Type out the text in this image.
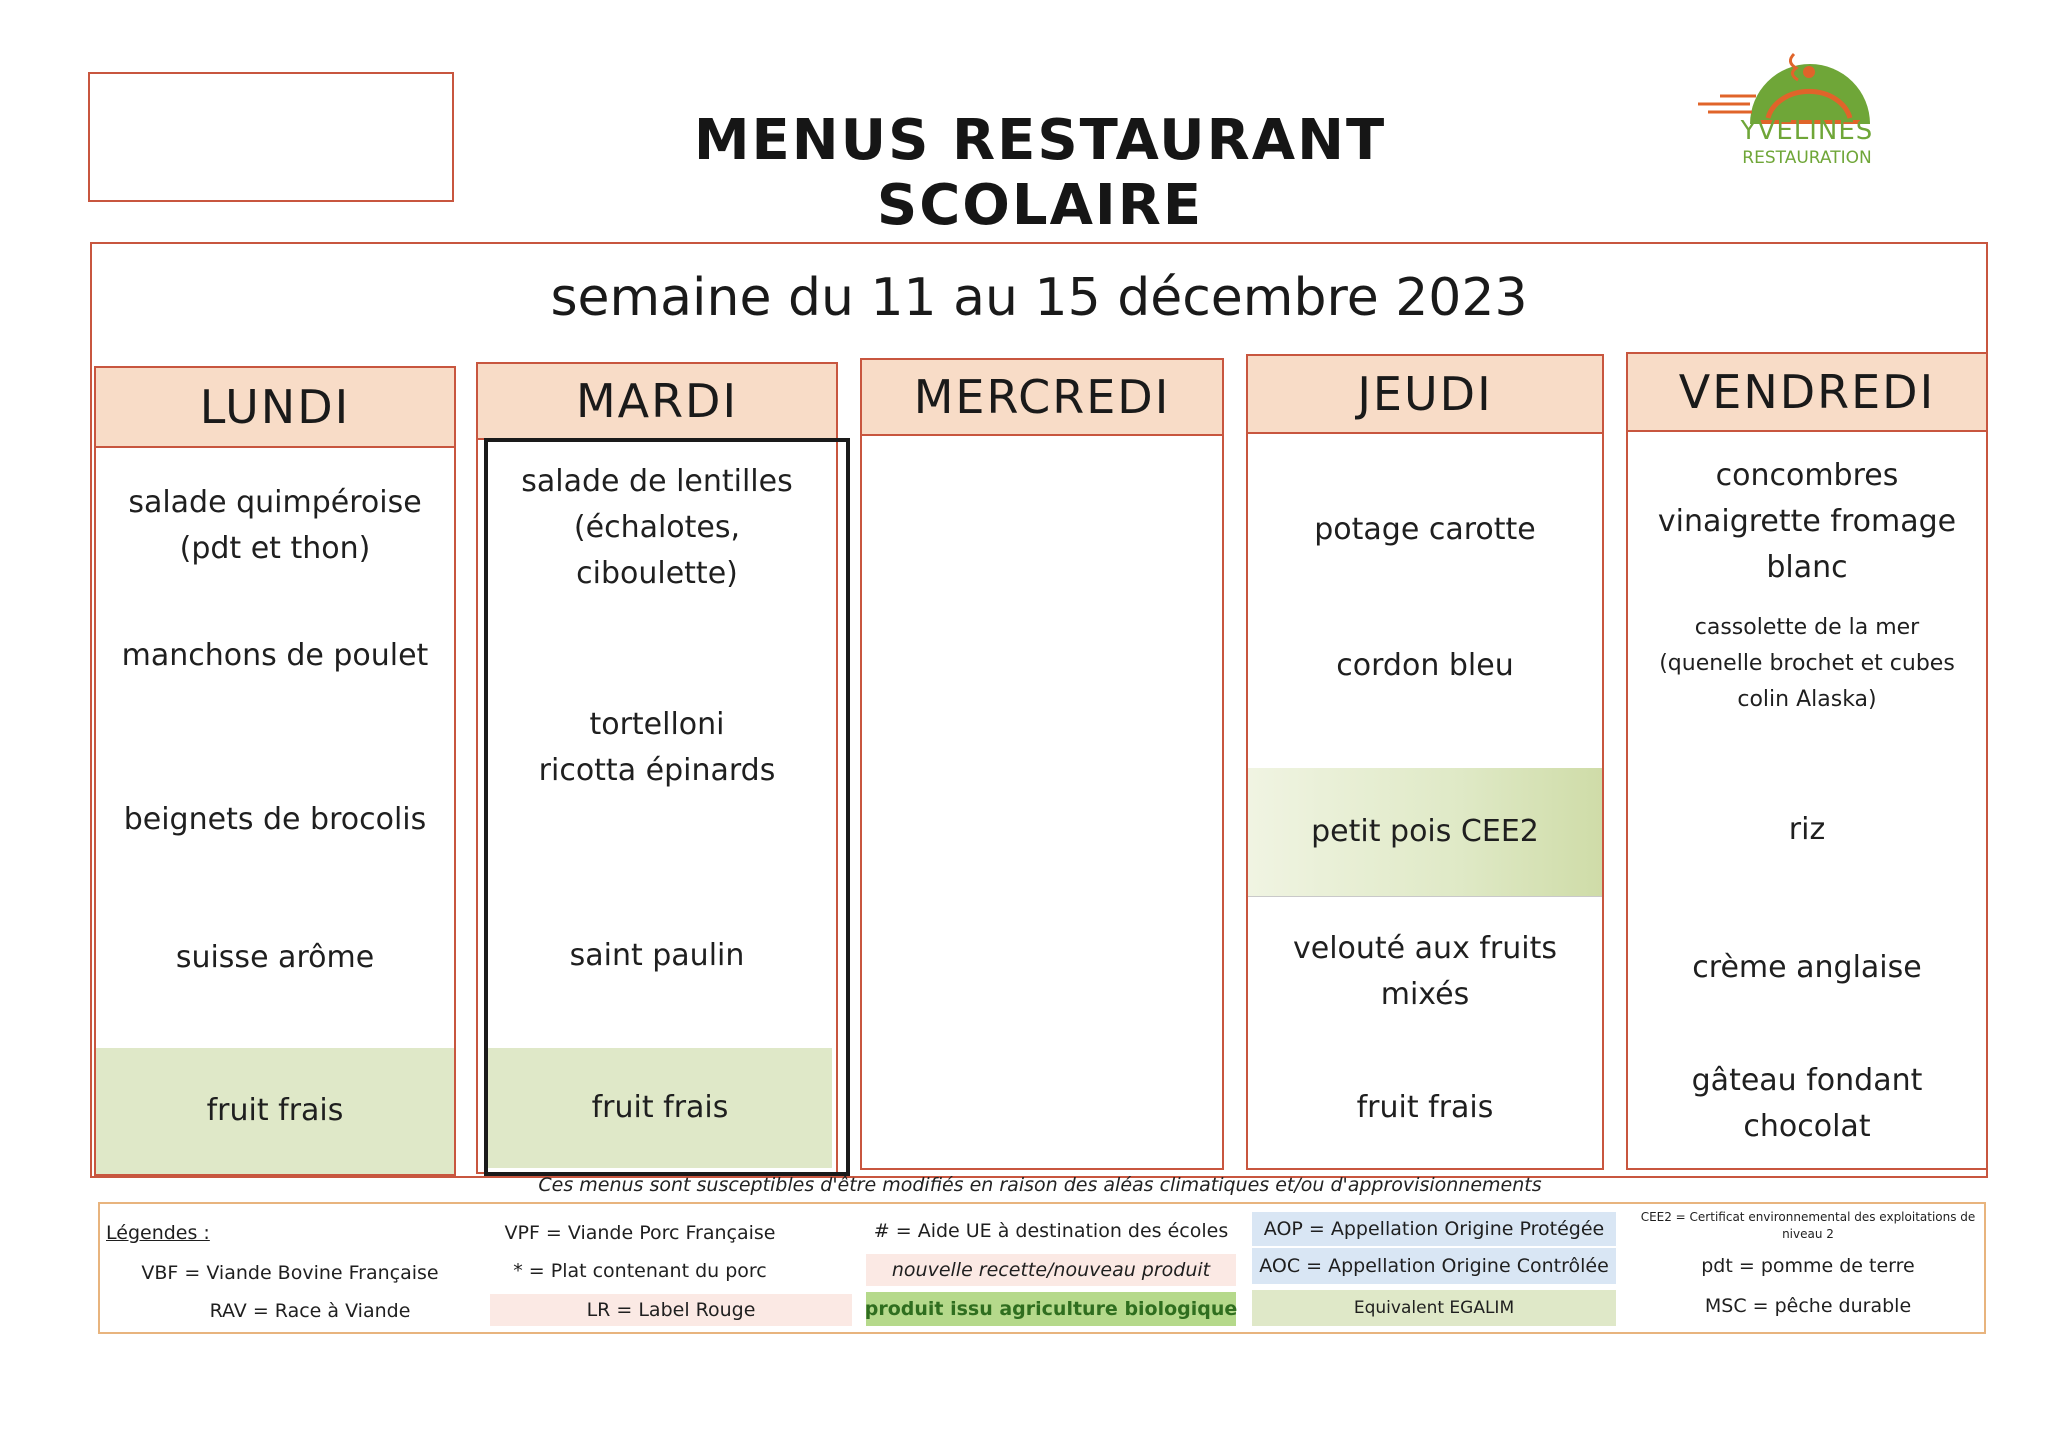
MENUS RESTAURANT SCOLAIRE
YVELINES
RESTAURATION
semaine du 11 au 15 décembre 2023
LUNDI
salade quimpéroise (pdt et thon)
manchons de poulet
beignets de brocolis
suisse arôme
fruit frais
MARDI
salade de lentilles (échalotes, ciboulette)
tortelloni ricotta épinards
saint paulin
fruit frais
MERCREDI	JEUDI
potage carotte
cordon bleu
petit pois CEE2
velouté aux fruits mixés
fruit frais
VENDREDI
concombres vinaigrette fromage blanc
cassolette de la mer (quenelle brochet et cubes colin Alaska)
riz
crème anglaise
gâteau fondant chocolat
Ces menus sont susceptibles d'être modifiés en raison des aléas climatiques et/ou d'approvisionnements
Légendes :
VBF = Viande Bovine Française
RAV = Race à Viande
VPF = Viande Porc Française
* = Plat contenant du porc
LR = Label Rouge
# = Aide UE à destination des écoles
nouvelle recette/nouveau produit
produit issu agriculture biologique
AOP = Appellation Origine Protégée
AOC = Appellation Origine Contrôlée
Equivalent EGALIM
CEE2 = Certificat environnemental des exploitations de niveau 2
pdt = pomme de terre
MSC = pêche durable
